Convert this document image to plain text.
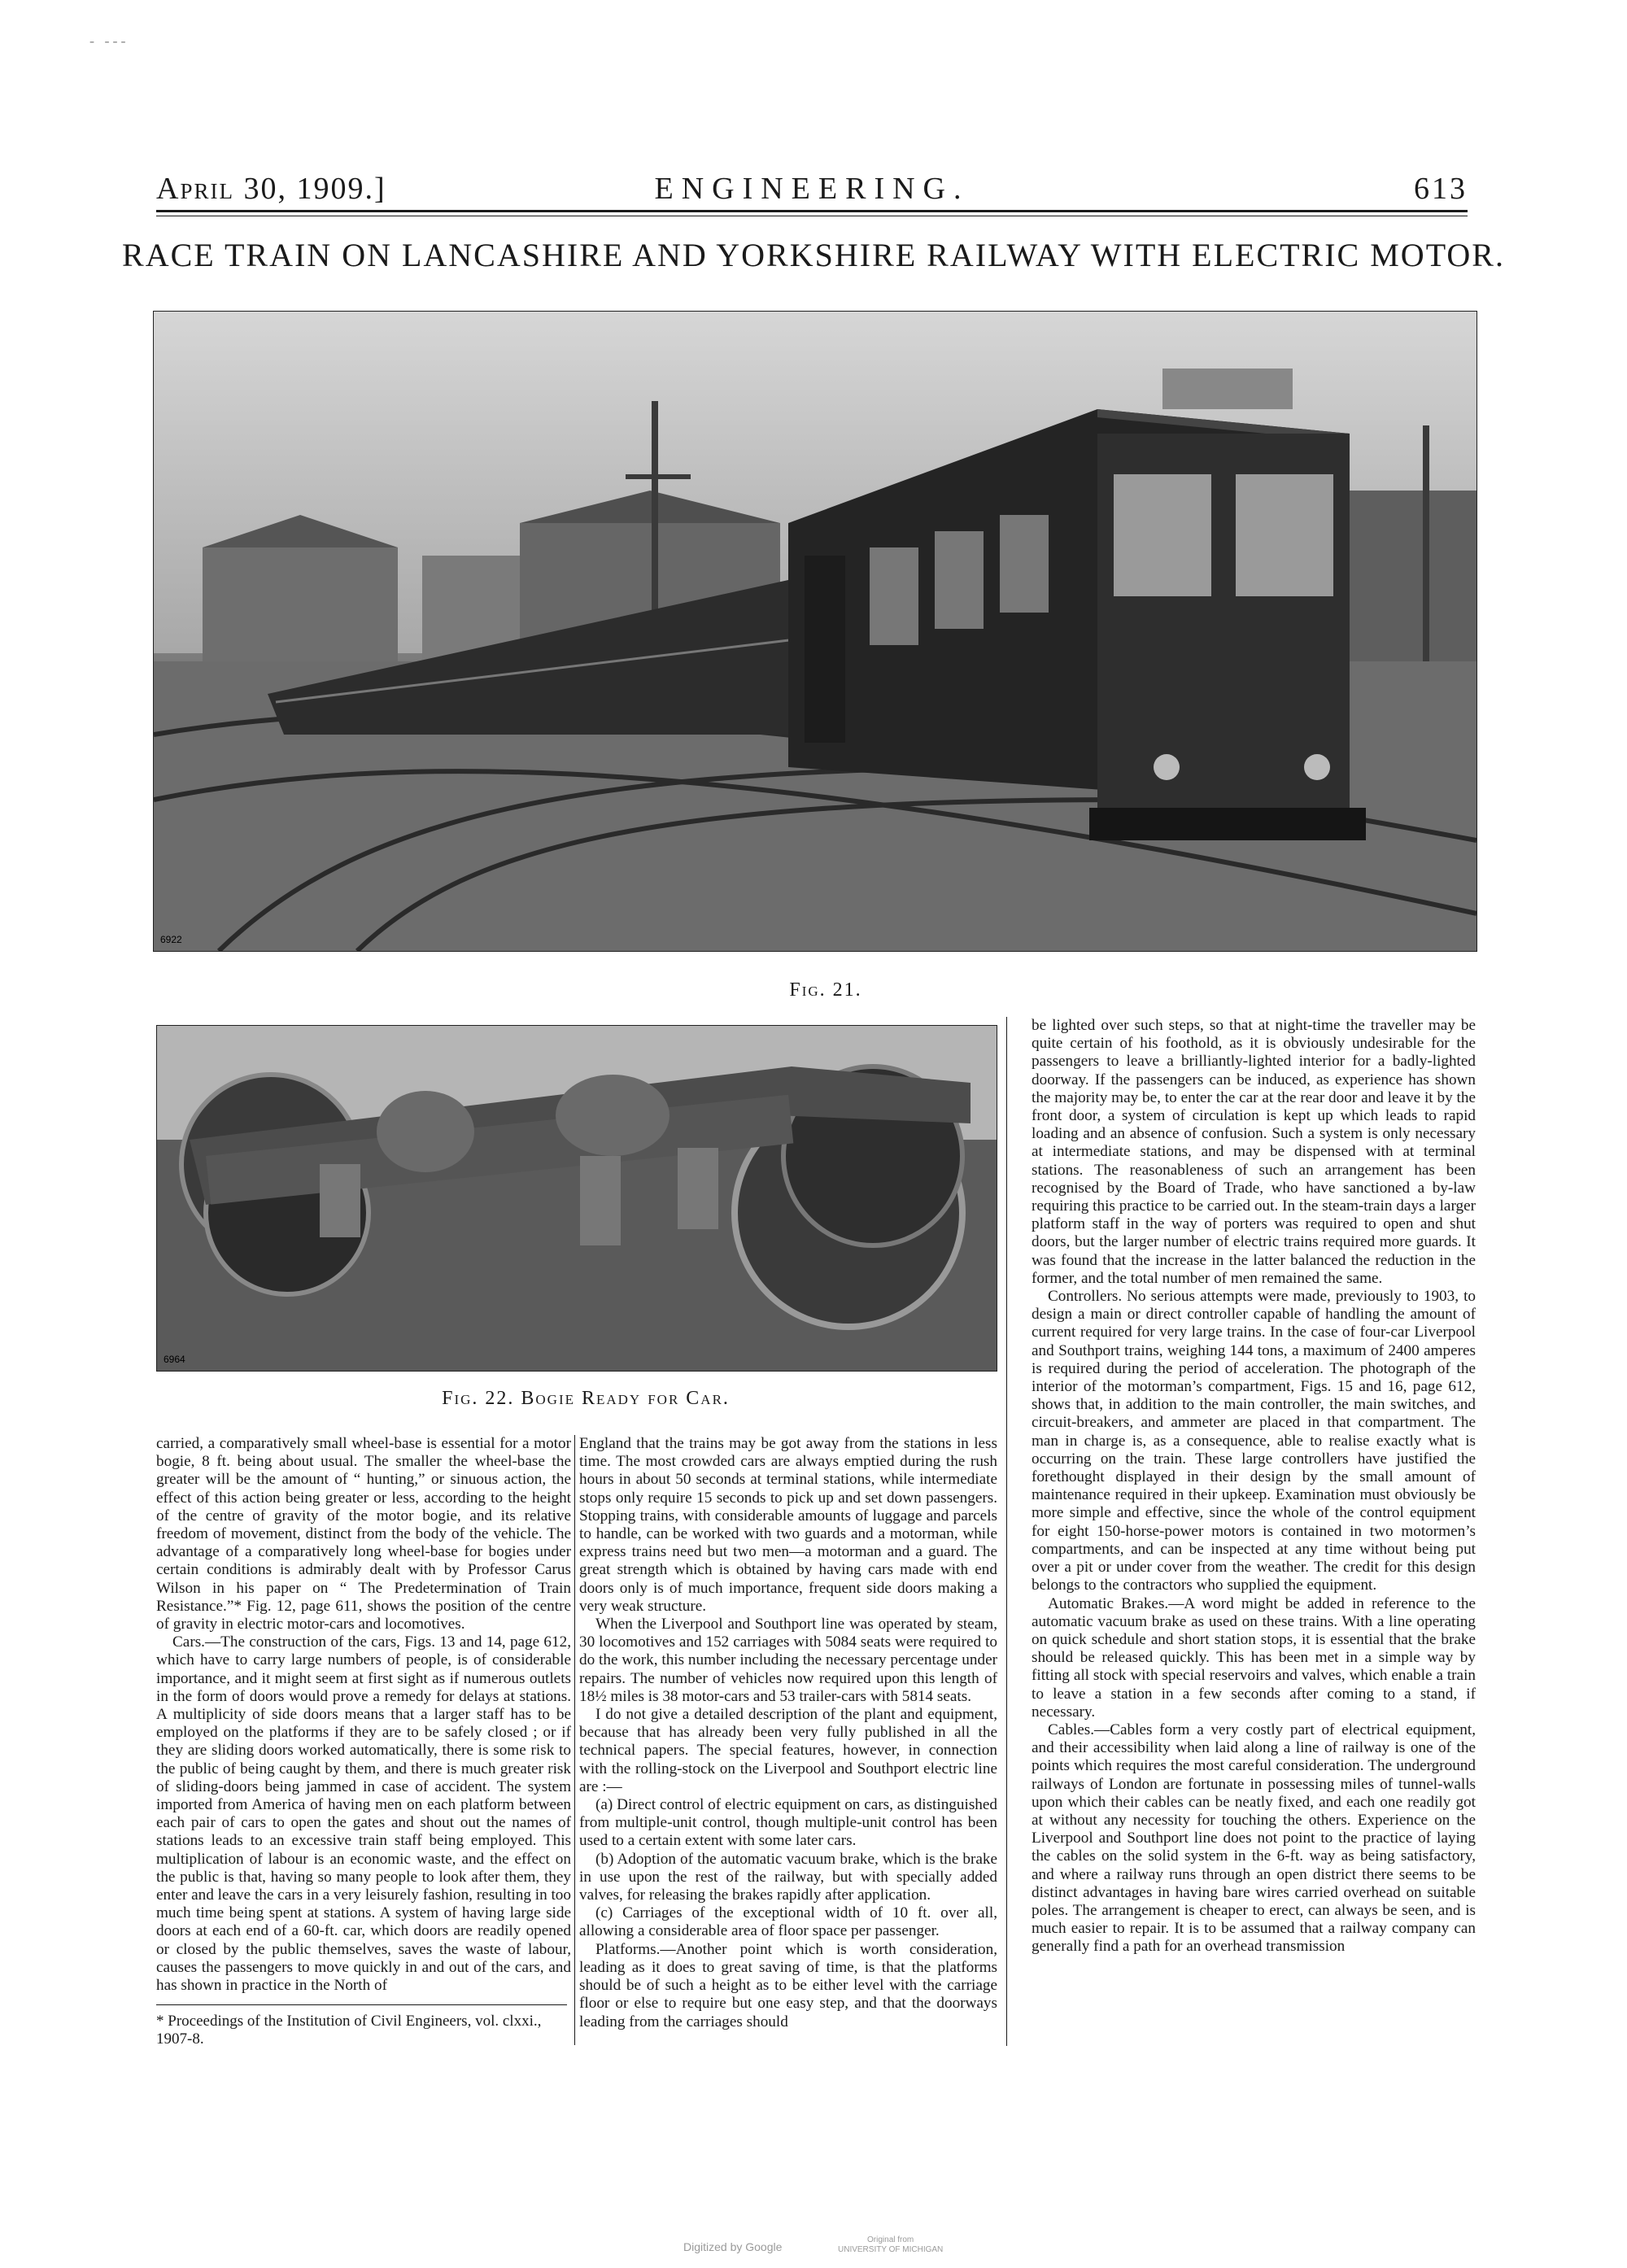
- ---
April 30, 1909.]	ENGINEERING.	613
RACE TRAIN ON LANCASHIRE AND YORKSHIRE RAILWAY WITH ELECTRIC MOTOR.
6922
Fig. 21.
6964
Fig. 22. Bogie Ready for Car.

carried, a comparatively small wheel-base is essential for a motor bogie, 8 ft. being about usual. The smaller the wheel-base the greater will be the amount of “ hunting,” or sinuous action, the effect of this action being greater or less, according to the height of the centre of gravity of the motor bogie, and its relative freedom of movement, distinct from the body of the vehicle. The advantage of a comparatively long wheel-base for bogies under certain conditions is admirably dealt with by Professor Carus Wilson in his paper on “ The Predetermination of Train Resistance.”* Fig. 12, page 611, shows the position of the centre of gravity in electric motor-cars and locomotives.

Cars.—The construction of the cars, Figs. 13 and 14, page 612, which have to carry large numbers of people, is of considerable importance, and it might seem at first sight as if numerous outlets in the form of doors would prove a remedy for delays at stations. A multiplicity of side doors means that a larger staff has to be employed on the platforms if they are to be safely closed ; or if they are sliding doors worked automatically, there is some risk to the public of being caught by them, and there is much greater risk of sliding-doors being jammed in case of accident. The system imported from America of having men on each platform between each pair of cars to open the gates and shout out the names of stations leads to an excessive train staff being employed. This multiplication of labour is an economic waste, and the effect on the public is that, having so many people to look after them, they enter and leave the cars in a very leisurely fashion, resulting in too much time being spent at stations. A system of having large side doors at each end of a 60-ft. car, which doors are readily opened or closed by the public themselves, saves the waste of labour, causes the passengers to move quickly in and out of the cars, and has shown in practice in the North of

England that the trains may be got away from the stations in less time. The most crowded cars are always emptied during the rush hours in about 50 seconds at terminal stations, while intermediate stops only require 15 seconds to pick up and set down passengers. Stopping trains, with considerable amounts of luggage and parcels to handle, can be worked with two guards and a motorman, while express trains need but two men—a motorman and a guard. The great strength which is obtained by having cars made with end doors only is of much importance, frequent side doors making a very weak structure.

When the Liverpool and Southport line was operated by steam, 30 locomotives and 152 carriages with 5084 seats were required to do the work, this number including the necessary percentage under repairs. The number of vehicles now required upon this length of 18½ miles is 38 motor-cars and 53 trailer-cars with 5814 seats.

I do not give a detailed description of the plant and equipment, because that has already been very fully published in all the technical papers. The special features, however, in connection with the rolling-stock on the Liverpool and Southport electric line are :—

(a) Direct control of electric equipment on cars, as distinguished from multiple-unit control, though multiple-unit control has been used to a certain extent with some later cars.

(b) Adoption of the automatic vacuum brake, which is the brake in use upon the rest of the railway, but with specially added valves, for releasing the brakes rapidly after application.

(c) Carriages of the exceptional width of 10 ft. over all, allowing a considerable area of floor space per passenger.

Platforms.—Another point which is worth consideration, leading as it does to great saving of time, is that the platforms should be of such a height as to be either level with the carriage floor or else to require but one easy step, and that the doorways leading from the carriages should

be lighted over such steps, so that at night-time the traveller may be quite certain of his foothold, as it is obviously undesirable for the passengers to leave a brilliantly-lighted interior for a badly-lighted doorway. If the passengers can be induced, as experience has shown the majority may be, to enter the car at the rear door and leave it by the front door, a system of circulation is kept up which leads to rapid loading and an absence of confusion. Such a system is only necessary at intermediate stations, and may be dispensed with at terminal stations. The reasonableness of such an arrangement has been recognised by the Board of Trade, who have sanctioned a by-law requiring this practice to be carried out. In the steam-train days a larger platform staff in the way of porters was required to open and shut doors, but the larger number of electric trains required more guards. It was found that the increase in the latter balanced the reduction in the former, and the total number of men remained the same.

Controllers. No serious attempts were made, previously to 1903, to design a main or direct controller capable of handling the amount of current required for very large trains. In the case of four-car Liverpool and Southport trains, weighing 144 tons, a maximum of 2400 amperes is required during the period of acceleration. The photograph of the interior of the motorman’s compartment, Figs. 15 and 16, page 612, shows that, in addition to the main controller, the main switches, and circuit-breakers, and ammeter are placed in that compartment. The man in charge is, as a consequence, able to realise exactly what is occurring on the train. These large controllers have justified the forethought displayed in their design by the small amount of maintenance required in their upkeep. Examination must obviously be more simple and effective, since the whole of the control equipment for eight 150-horse-power motors is contained in two motormen’s compartments, and can be inspected at any time without being put over a pit or under cover from the weather. The credit for this design belongs to the contractors who supplied the equipment.

Automatic Brakes.—A word might be added in reference to the automatic vacuum brake as used on these trains. With a line operating on quick schedule and short station stops, it is essential that the brake should be released quickly. This has been met in a simple way by fitting all stock with special reservoirs and valves, which enable a train to leave a station in a few seconds after coming to a stand, if necessary.

Cables.—Cables form a very costly part of electrical equipment, and their accessibility when laid along a line of railway is one of the points which requires the most careful consideration. The underground railways of London are fortunate in possessing miles of tunnel-walls upon which their cables can be neatly fixed, and each one readily got at without any necessity for touching the others. Experience on the Liverpool and Southport line does not point to the practice of laying the cables on the solid system in the 6-ft. way as being satisfactory, and where a railway runs through an open district there seems to be distinct advantages in having bare wires carried overhead on suitable poles. The arrangement is cheaper to erect, can always be seen, and is much easier to repair. It is to be assumed that a railway company can generally find a path for an overhead transmission

* Proceedings of the Institution of Civil Engineers, vol. clxxi., 1907-8.
Digitized by Google
Original from
UNIVERSITY OF MICHIGAN
